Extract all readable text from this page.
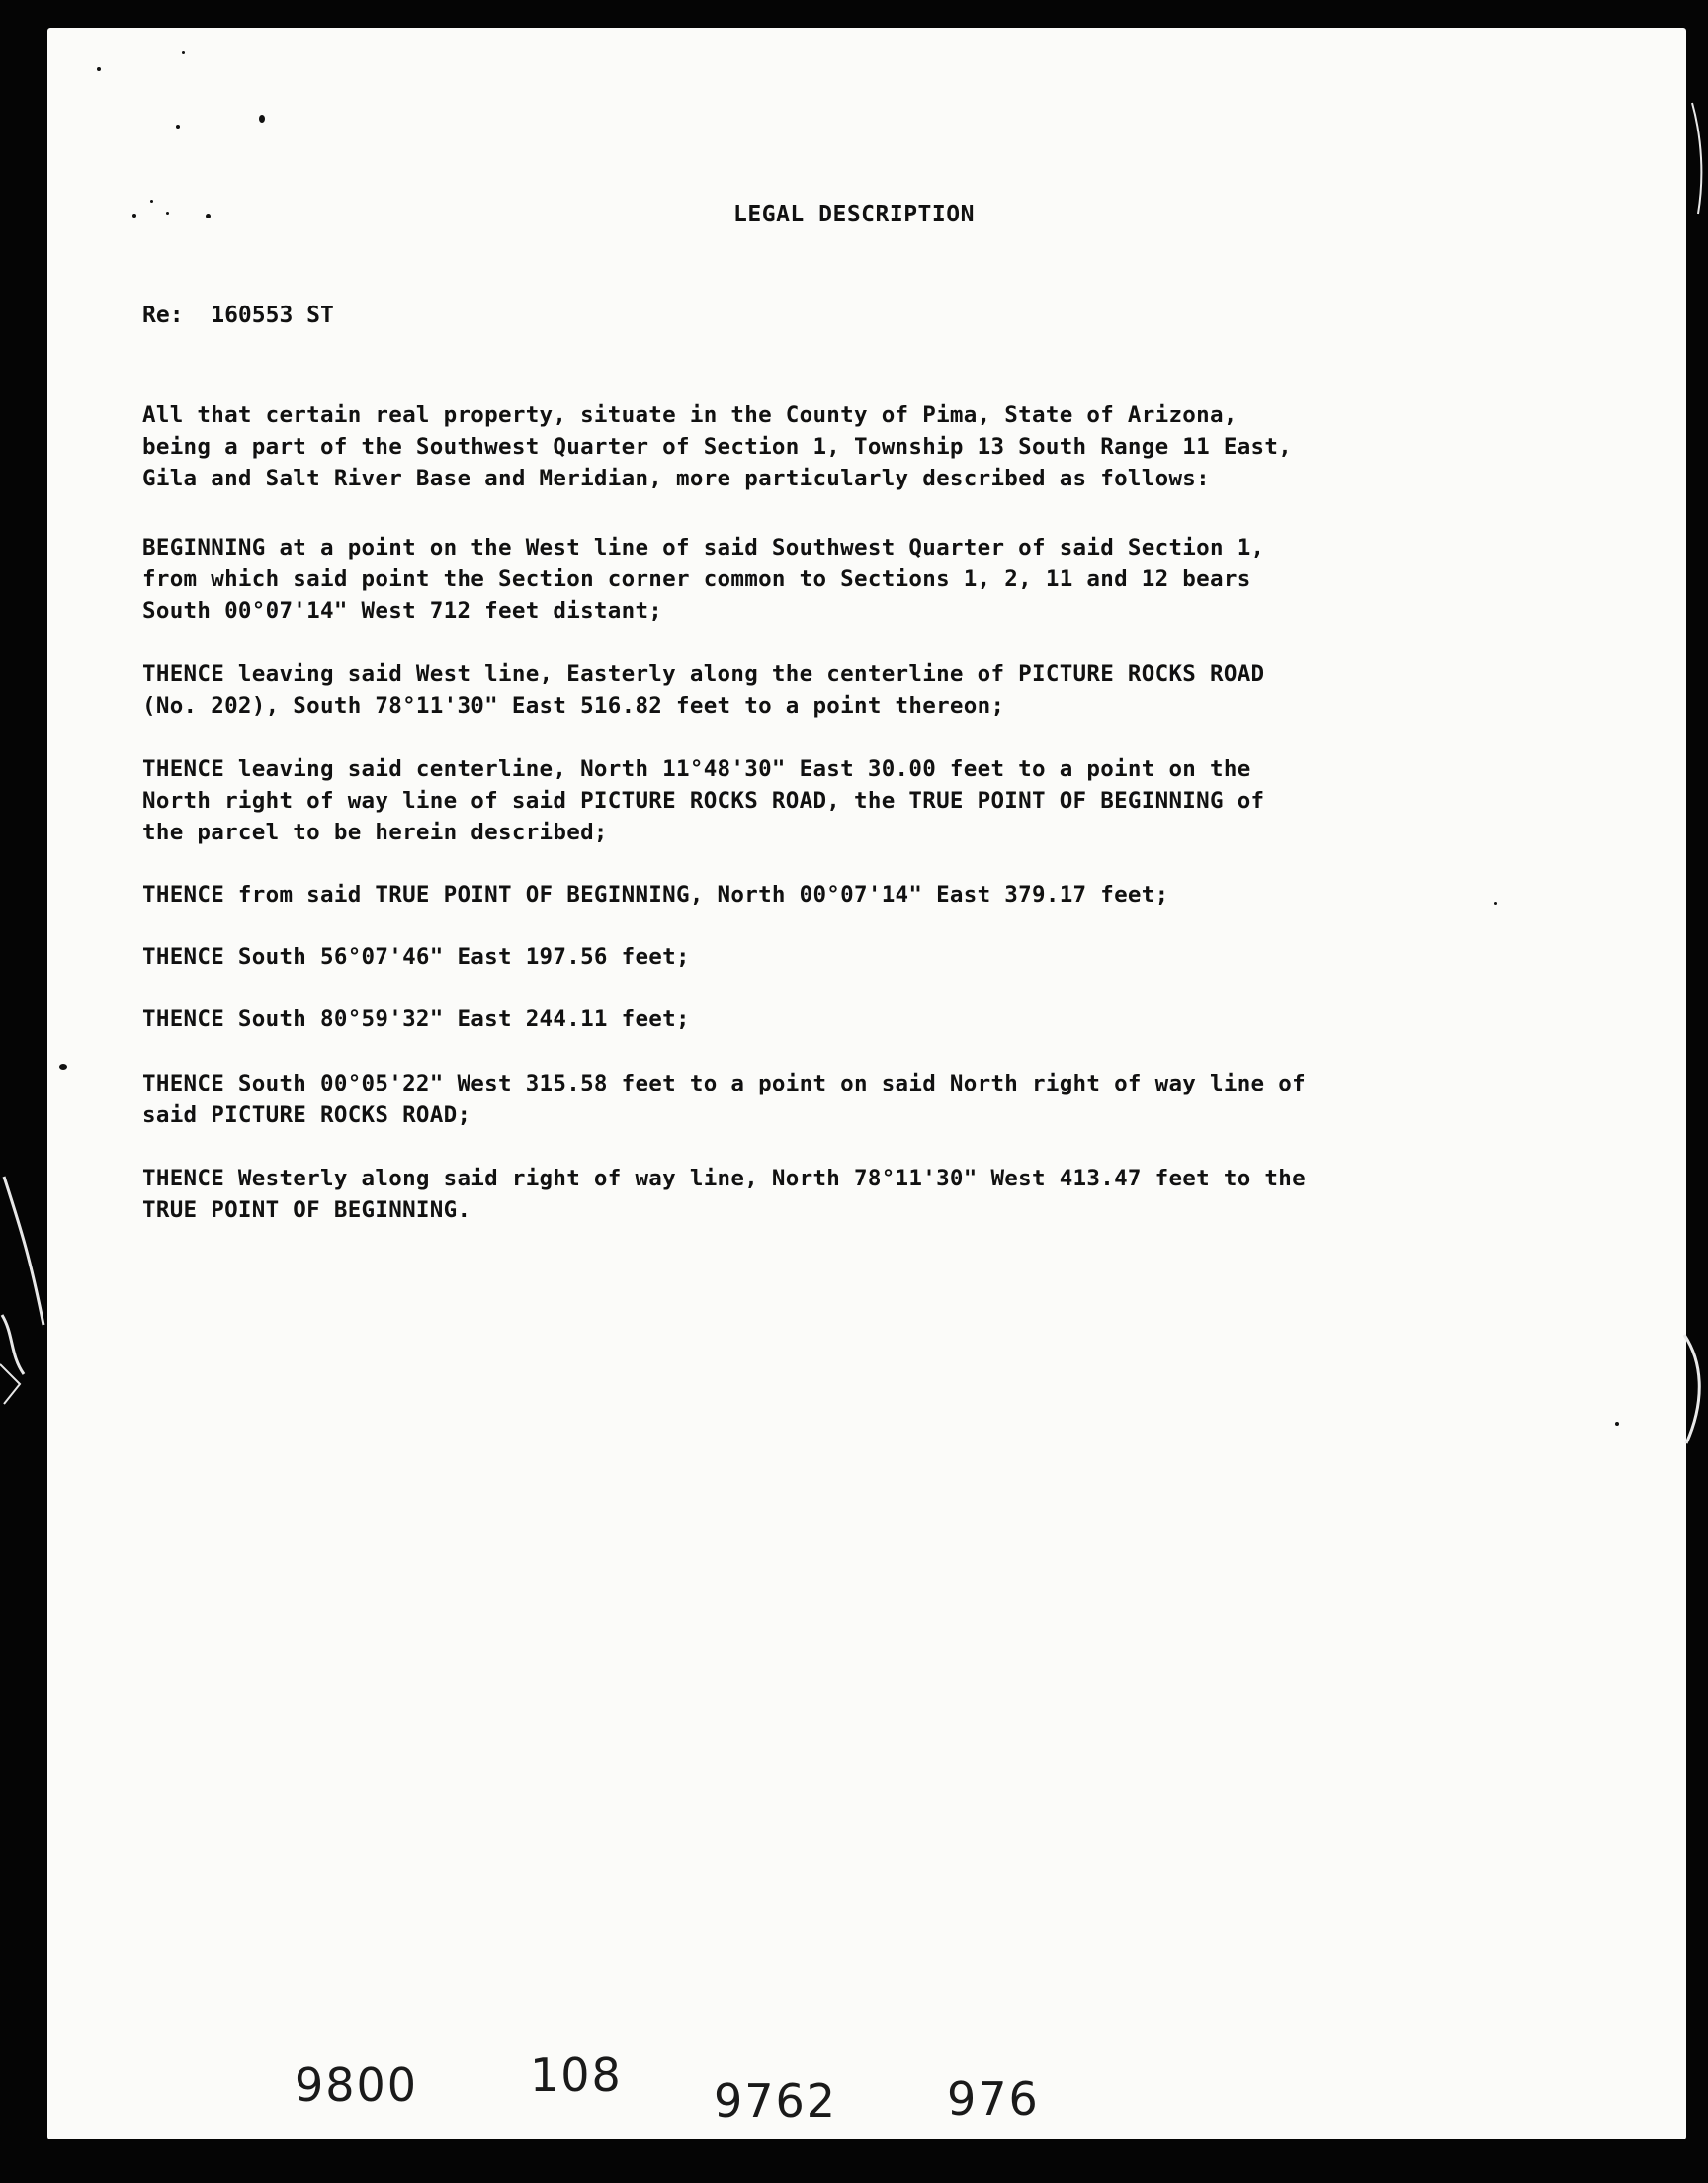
LEGAL DESCRIPTION
Re:  160553 ST
All that certain real property, situate in the County of Pima, State of Arizona,
being a part of the Southwest Quarter of Section 1, Township 13 South Range 11 East,
Gila and Salt River Base and Meridian, more particularly described as follows:
BEGINNING at a point on the West line of said Southwest Quarter of said Section 1,
from which said point the Section corner common to Sections 1, 2, 11 and 12 bears
South 00°07'14" West 712 feet distant;
THENCE leaving said West line, Easterly along the centerline of PICTURE ROCKS ROAD
(No. 202), South 78°11'30" East 516.82 feet to a point thereon;
THENCE leaving said centerline, North 11°48'30" East 30.00 feet to a point on the
North right of way line of said PICTURE ROCKS ROAD, the TRUE POINT OF BEGINNING of
the parcel to be herein described;
THENCE from said TRUE POINT OF BEGINNING, North 00°07'14" East 379.17 feet;
THENCE South 56°07'46" East 197.56 feet;
THENCE South 80°59'32" East 244.11 feet;
THENCE South 00°05'22" West 315.58 feet to a point on said North right of way line of
said PICTURE ROCKS ROAD;
THENCE Westerly along said right of way line, North 78°11'30" West 413.47 feet to the
TRUE POINT OF BEGINNING.
9800 108 9762 976
